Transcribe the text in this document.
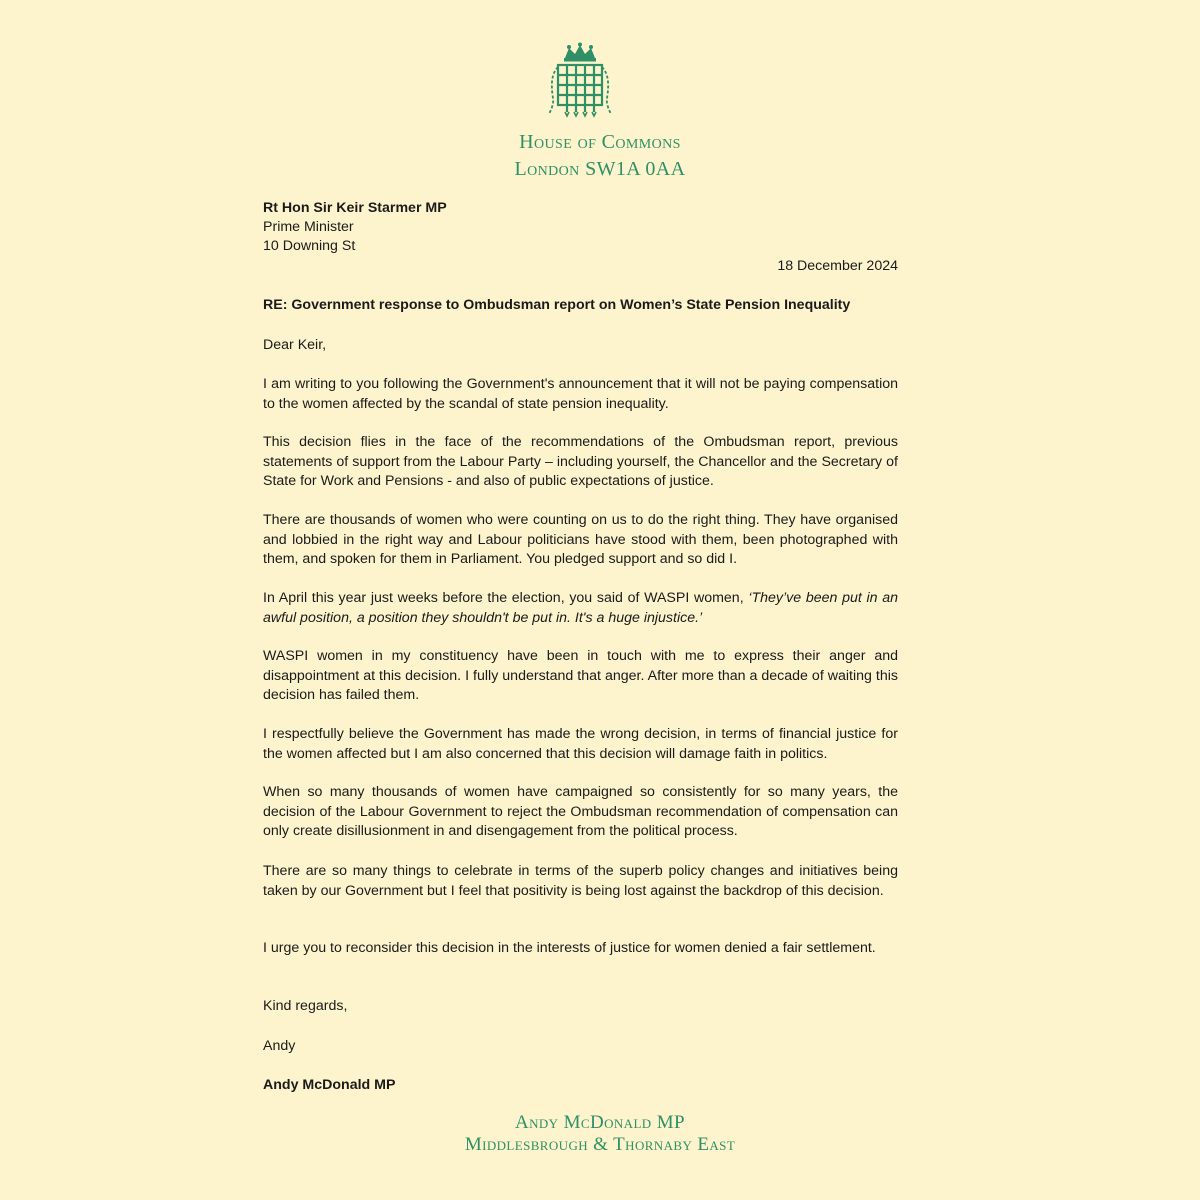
House of Commons
London SW1A 0AA
Rt Hon Sir Keir Starmer MP
Prime Minister
10 Downing St
18 December 2024
RE: Government response to Ombudsman report on Women’s State Pension Inequality
Dear Keir,

I am writing to you following the Government's announcement that it will not be paying compensation to the women affected by the scandal of state pension inequality.

This decision flies in the face of the recommendations of the Ombudsman report, previous statements of support from the Labour Party – including yourself, the Chancellor and the Secretary of State for Work and Pensions - and also of public expectations of justice.

There are thousands of women who were counting on us to do the right thing. They have organised and lobbied in the right way and Labour politicians have stood with them, been photographed with them, and spoken for them in Parliament. You pledged support and so did I.

In April this year just weeks before the election, you said of WASPI women, ‘They’ve been put in an awful position, a position they shouldn't be put in. It's a huge injustice.’

WASPI women in my constituency have been in touch with me to express their anger and disappointment at this decision. I fully understand that anger. After more than a decade of waiting this decision has failed them.

I respectfully believe the Government has made the wrong decision, in terms of financial justice for the women affected but I am also concerned that this decision will damage faith in politics.

When so many thousands of women have campaigned so consistently for so many years, the decision of the Labour Government to reject the Ombudsman recommendation of compensation can only create disillusionment in and disengagement from the political process.

There are so many things to celebrate in terms of the superb policy changes and initiatives being taken by our Government but I feel that positivity is being lost against the backdrop of this decision.

I urge you to reconsider this decision in the interests of justice for women denied a fair settlement.

Kind regards,
Andy
Andy McDonald MP
Andy McDonald MP
Middlesbrough & Thornaby East
